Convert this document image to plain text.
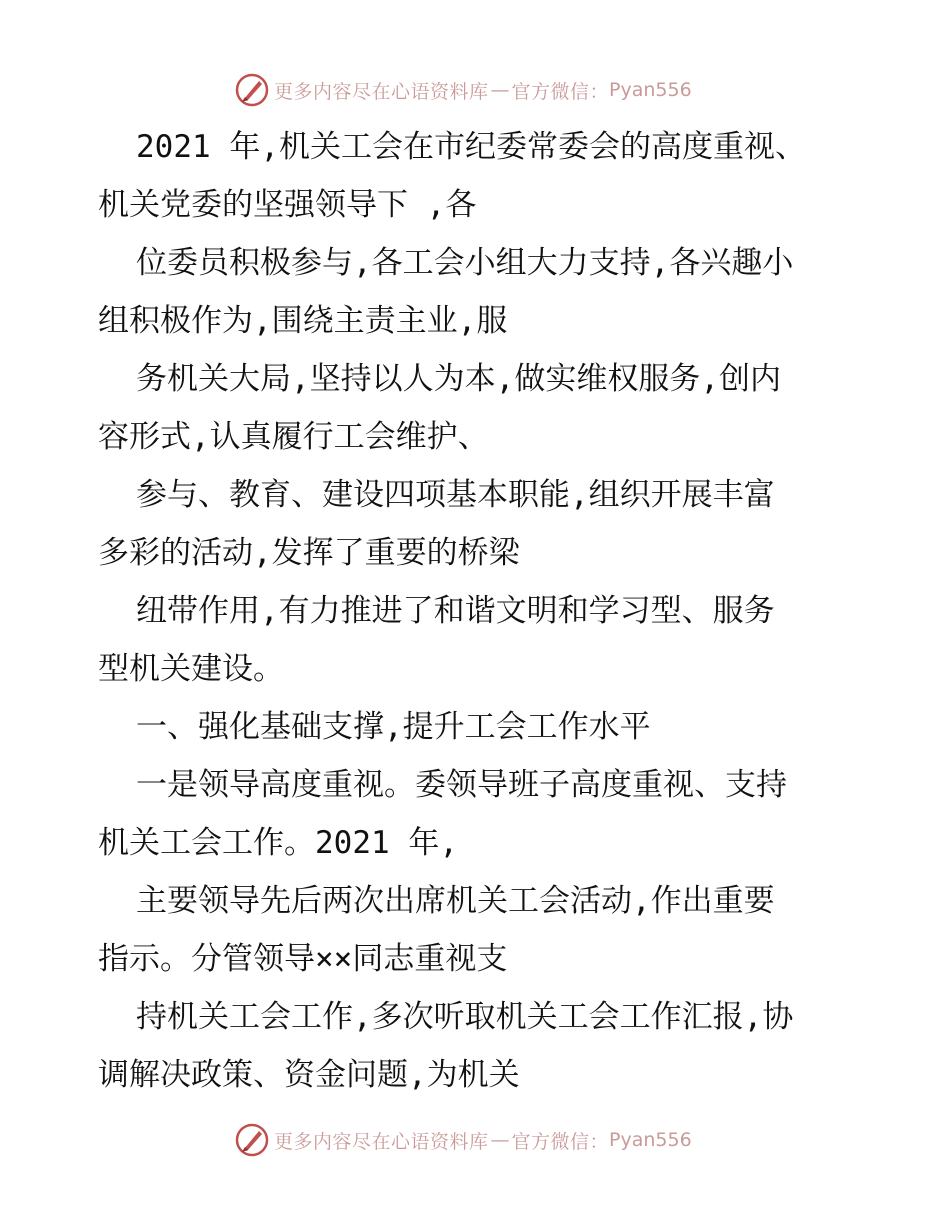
更多内容尽在心语资料库 — 官方微信： Pyan556
2021 年,机关工会在市纪委常委会的高度重视、
机关党委的坚强领导下 ,各
位委员积极参与,各工会小组大力支持,各兴趣小
组积极作为,围绕主责主业,服
务机关大局,坚持以人为本,做实维权服务,创内
容形式,认真履行工会维护、
参与、教育、建设四项基本职能,组织开展丰富
多彩的活动,发挥了重要的桥梁
纽带作用,有力推进了和谐文明和学习型、服务
型机关建设。
一、强化基础支撑,提升工会工作水平
一是领导高度重视。委领导班子高度重视、支持
机关工会工作。2021 年,
主要领导先后两次出席机关工会活动,作出重要
指示。分管领导××同志重视支
持机关工会工作,多次听取机关工会工作汇报,协
调解决政策、资金问题,为机关
更多内容尽在心语资料库 — 官方微信： Pyan556
